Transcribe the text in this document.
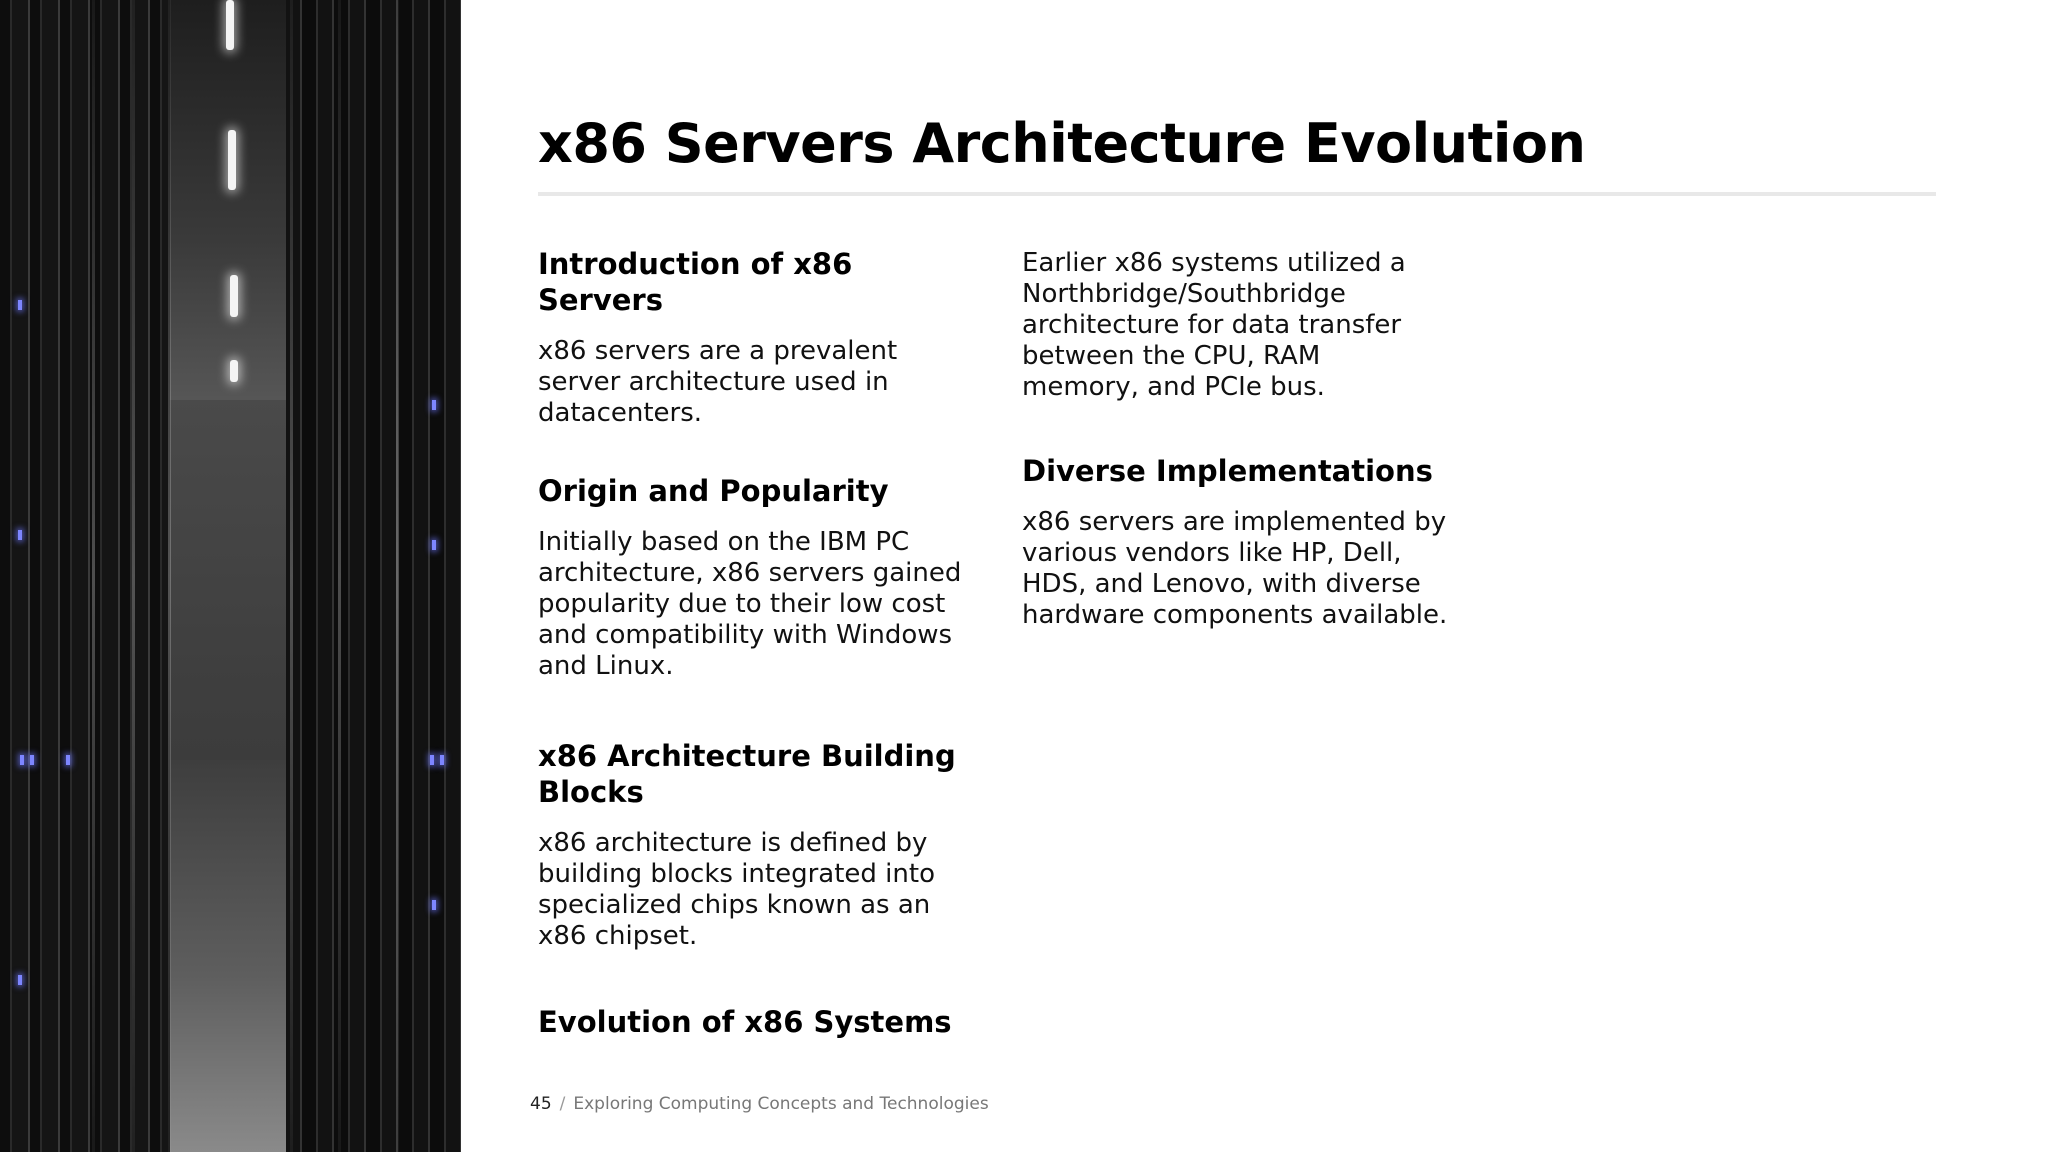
x86 Servers Architecture Evolution
Introduction of x86 Servers

x86 servers are a prevalent server architecture used in datacenters.

Origin and Popularity

Initially based on the IBM PC architecture, x86 servers gained popularity due to their low cost and compatibility with Windows and Linux.

x86 Architecture Building Blocks

x86 architecture is defined by building blocks integrated into specialized chips known as an x86 chipset.

Evolution of x86 Systems

Earlier x86 systems utilized a Northbridge/Southbridge architecture for data transfer between the CPU, RAM memory, and PCIe bus.

Diverse Implementations

x86 servers are implemented by various vendors like HP, Dell, HDS, and Lenovo, with diverse hardware components available.

45 / Exploring Computing Concepts and Technologies
